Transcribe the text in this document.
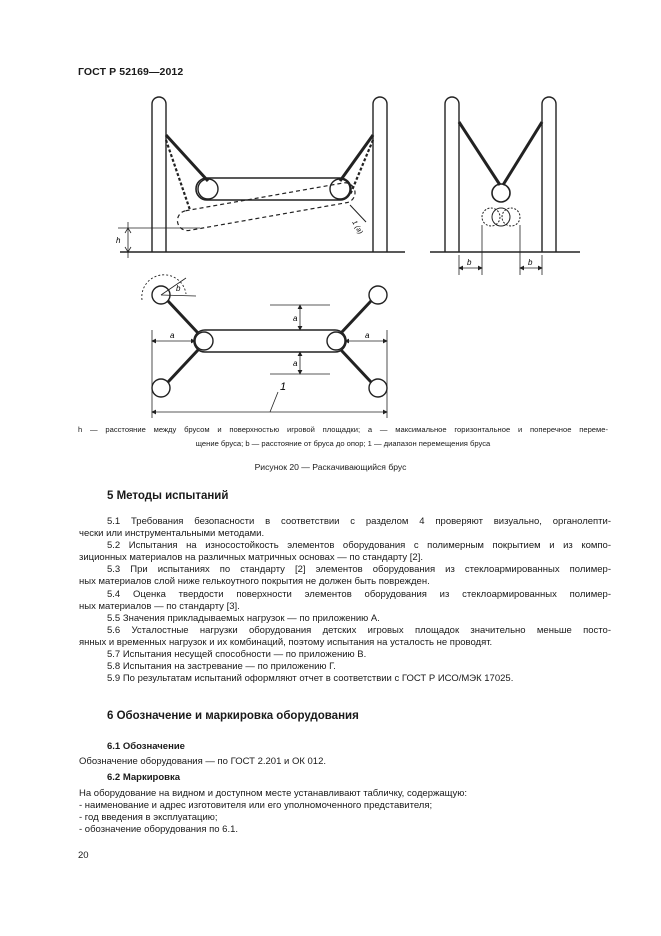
ГОСТ Р 52169—2012
h
1 (а)
b	b
b
a
a
a	a
1
h — расстояние между брусом и поверхностью игровой площадки; a — максимальное горизонтальное и поперечное переме-
щение бруса; b — расстояние от бруса до опор; 1 — диапазон перемещения бруса
Рисунок 20 — Раскачивающийся брус
5 Методы испытаний
5.1 Требования безопасности в соответствии с разделом 4 проверяют визуально, органолепти-
чески или инструментальными методами.
5.2 Испытания на износостойкость элементов оборудования с полимерным покрытием и из компо-
зиционных материалов на различных матричных основах — по стандарту [2].
5.3 При испытаниях по стандарту [2] элементов оборудования из стеклоармированных полимер-
ных материалов слой ниже гелькоутного покрытия не должен быть поврежден.
5.4 Оценка твердости поверхности элементов оборудования из стеклоармированных полимер-
ных материалов — по стандарту [3].
5.5 Значения прикладываемых нагрузок — по приложению А.
5.6 Усталостные нагрузки оборудования детских игровых площадок значительно меньше посто-
янных и временных нагрузок и их комбинаций, поэтому испытания на усталость не проводят.
5.7 Испытания несущей способности — по приложению В.
5.8 Испытания на застревание — по приложению Г.
5.9 По результатам испытаний оформляют отчет в соответствии с ГОСТ Р ИСО/МЭК 17025.
6 Обозначение и маркировка оборудования
6.1 Обозначение
Обозначение оборудования — по ГОСТ 2.201 и ОК 012.
6.2 Маркировка
На оборудование на видном и доступном месте устанавливают табличку, содержащую:
- наименование и адрес изготовителя или его уполномоченного представителя;
- год введения в эксплуатацию;
- обозначение оборудования по 6.1.
20
